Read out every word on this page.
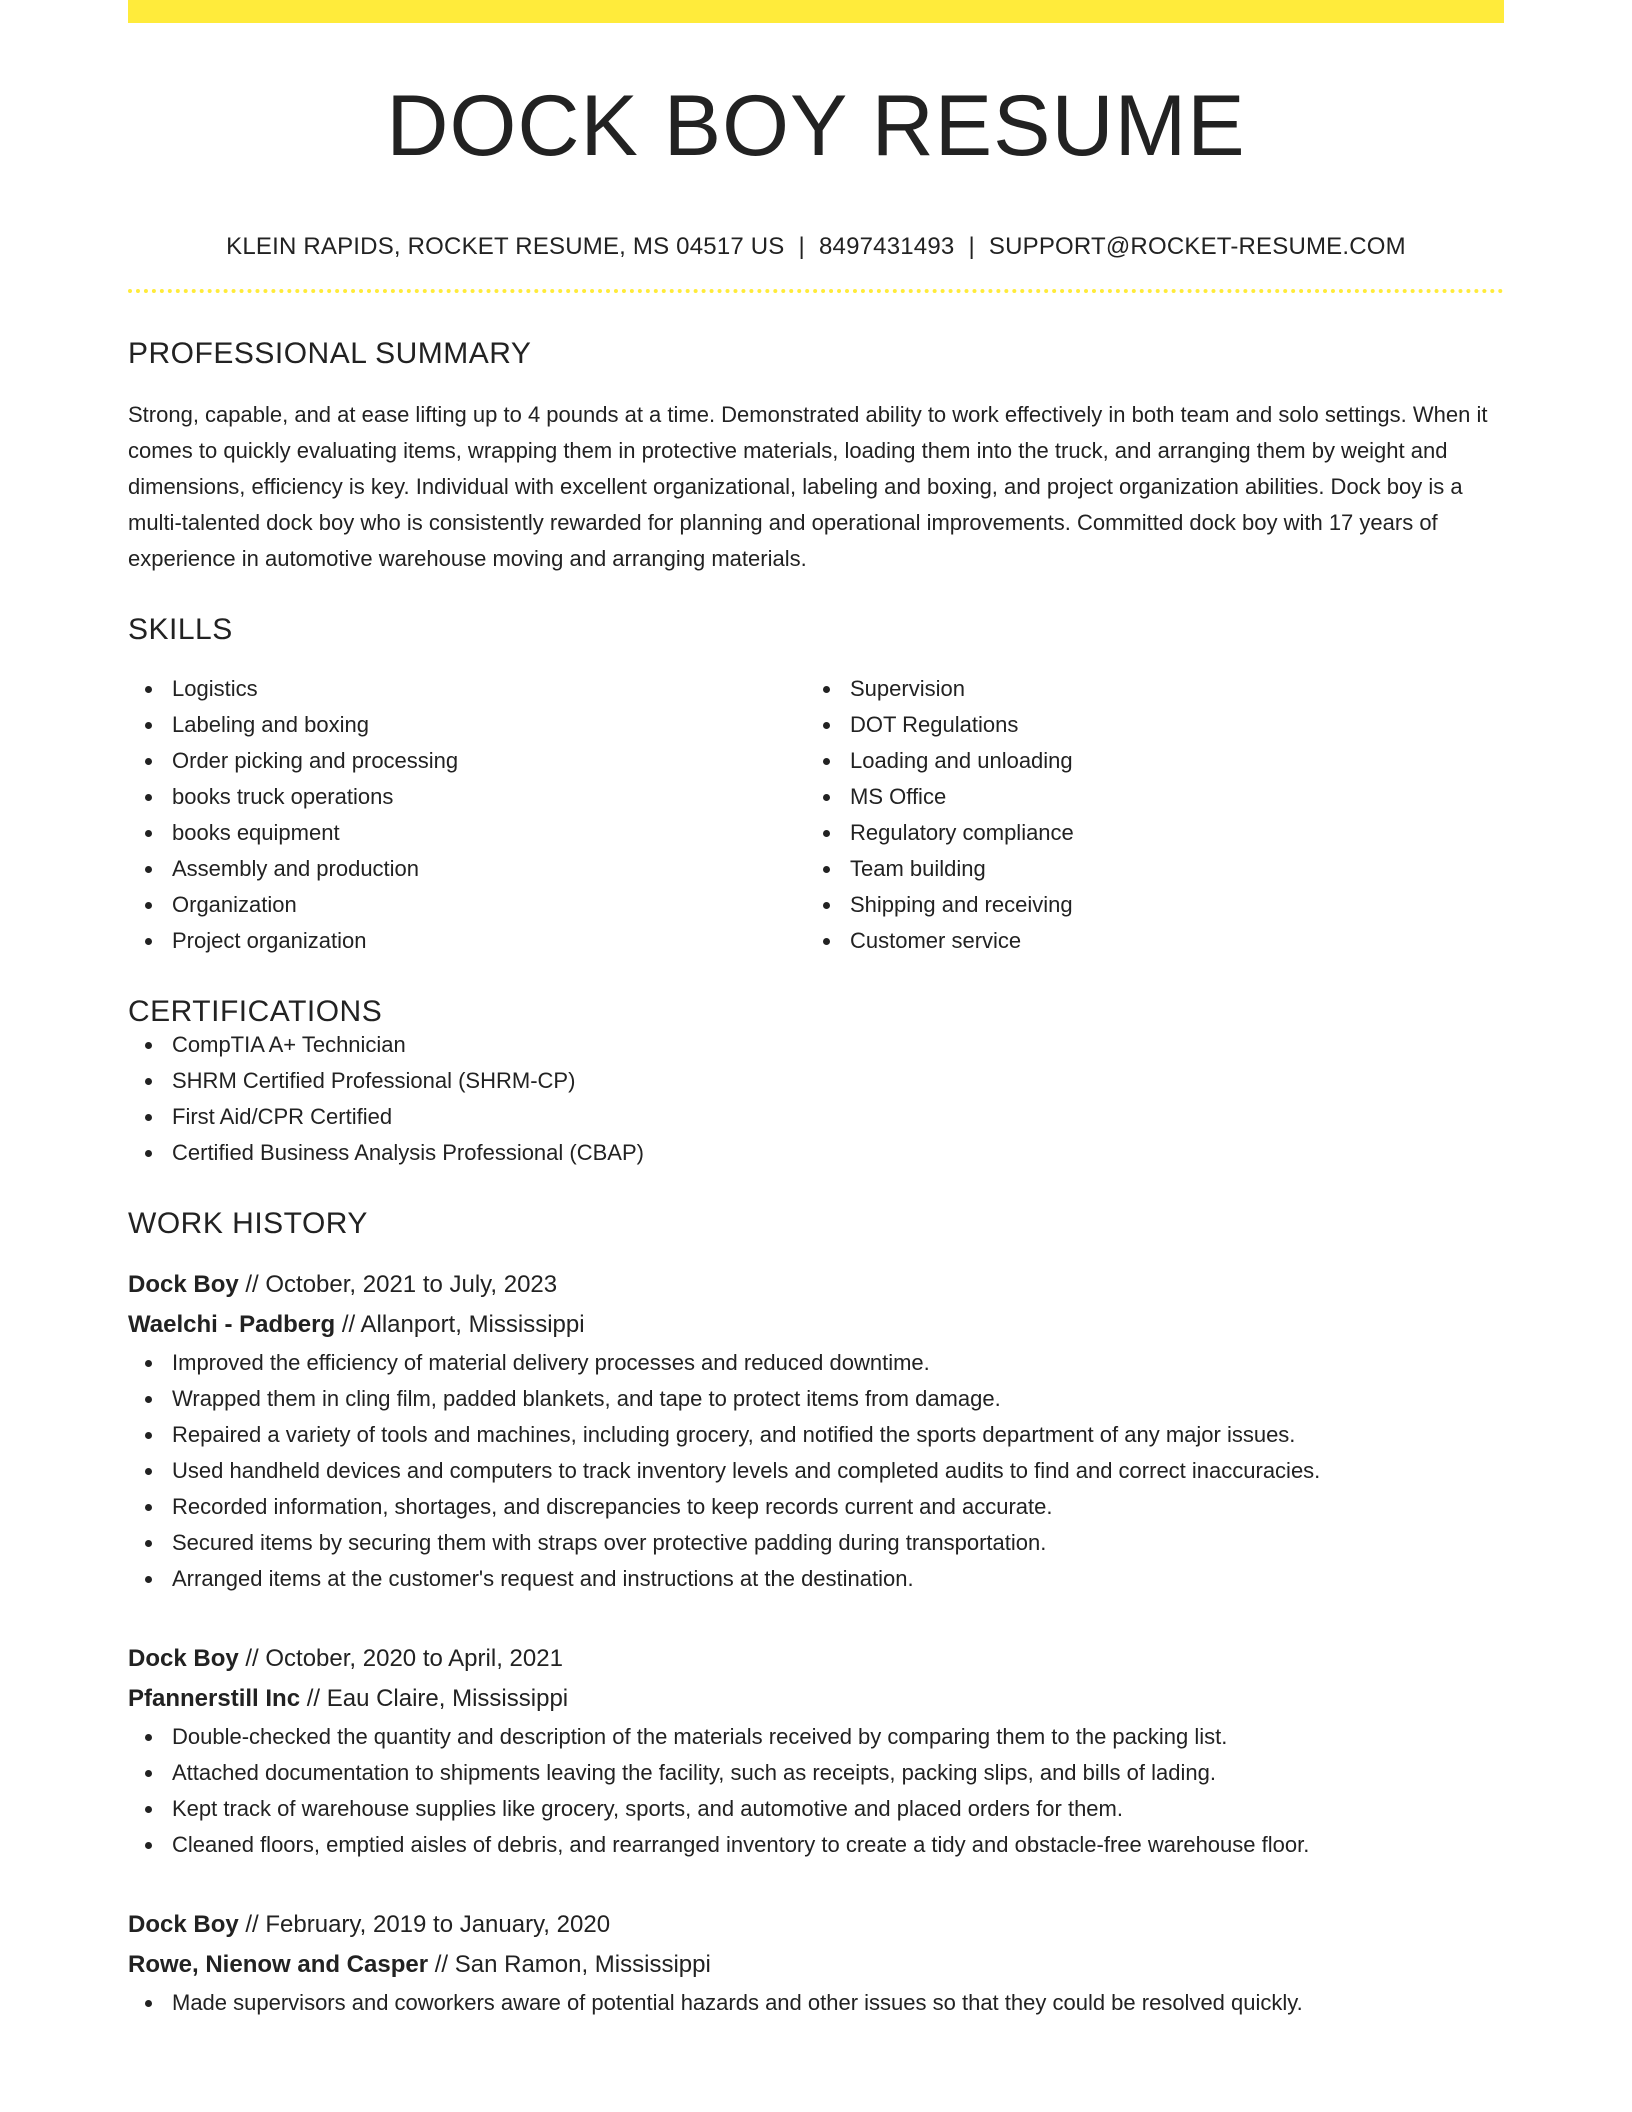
DOCK BOY RESUME
KLEIN RAPIDS, ROCKET RESUME, MS 04517 US | 8497431493 | SUPPORT@ROCKET-RESUME.COM
PROFESSIONAL SUMMARY
Strong, capable, and at ease lifting up to 4 pounds at a time. Demonstrated ability to work effectively in both team and solo settings. When it comes to quickly evaluating items, wrapping them in protective materials, loading them into the truck, and arranging them by weight and dimensions, efficiency is key. Individual with excellent organizational, labeling and boxing, and project organization abilities. Dock boy is a multi-talented dock boy who is consistently rewarded for planning and operational improvements. Committed dock boy with 17 years of experience in automotive warehouse moving and arranging materials.
SKILLS
Logistics
Labeling and boxing
Order picking and processing
books truck operations
books equipment
Assembly and production
Organization
Project organization
Supervision
DOT Regulations
Loading and unloading
MS Office
Regulatory compliance
Team building
Shipping and receiving
Customer service
CERTIFICATIONS
CompTIA A+ Technician
SHRM Certified Professional (SHRM-CP)
First Aid/CPR Certified
Certified Business Analysis Professional (CBAP)
WORK HISTORY
Dock Boy // October, 2021 to July, 2023
Waelchi - Padberg // Allanport, Mississippi
Improved the efficiency of material delivery processes and reduced downtime.
Wrapped them in cling film, padded blankets, and tape to protect items from damage.
Repaired a variety of tools and machines, including grocery, and notified the sports department of any major issues.
Used handheld devices and computers to track inventory levels and completed audits to find and correct inaccuracies.
Recorded information, shortages, and discrepancies to keep records current and accurate.
Secured items by securing them with straps over protective padding during transportation.
Arranged items at the customer's request and instructions at the destination.
Dock Boy // October, 2020 to April, 2021
Pfannerstill Inc // Eau Claire, Mississippi
Double-checked the quantity and description of the materials received by comparing them to the packing list.
Attached documentation to shipments leaving the facility, such as receipts, packing slips, and bills of lading.
Kept track of warehouse supplies like grocery, sports, and automotive and placed orders for them.
Cleaned floors, emptied aisles of debris, and rearranged inventory to create a tidy and obstacle-free warehouse floor.
Dock Boy // February, 2019 to January, 2020
Rowe, Nienow and Casper // San Ramon, Mississippi
Made supervisors and coworkers aware of potential hazards and other issues so that they could be resolved quickly.
